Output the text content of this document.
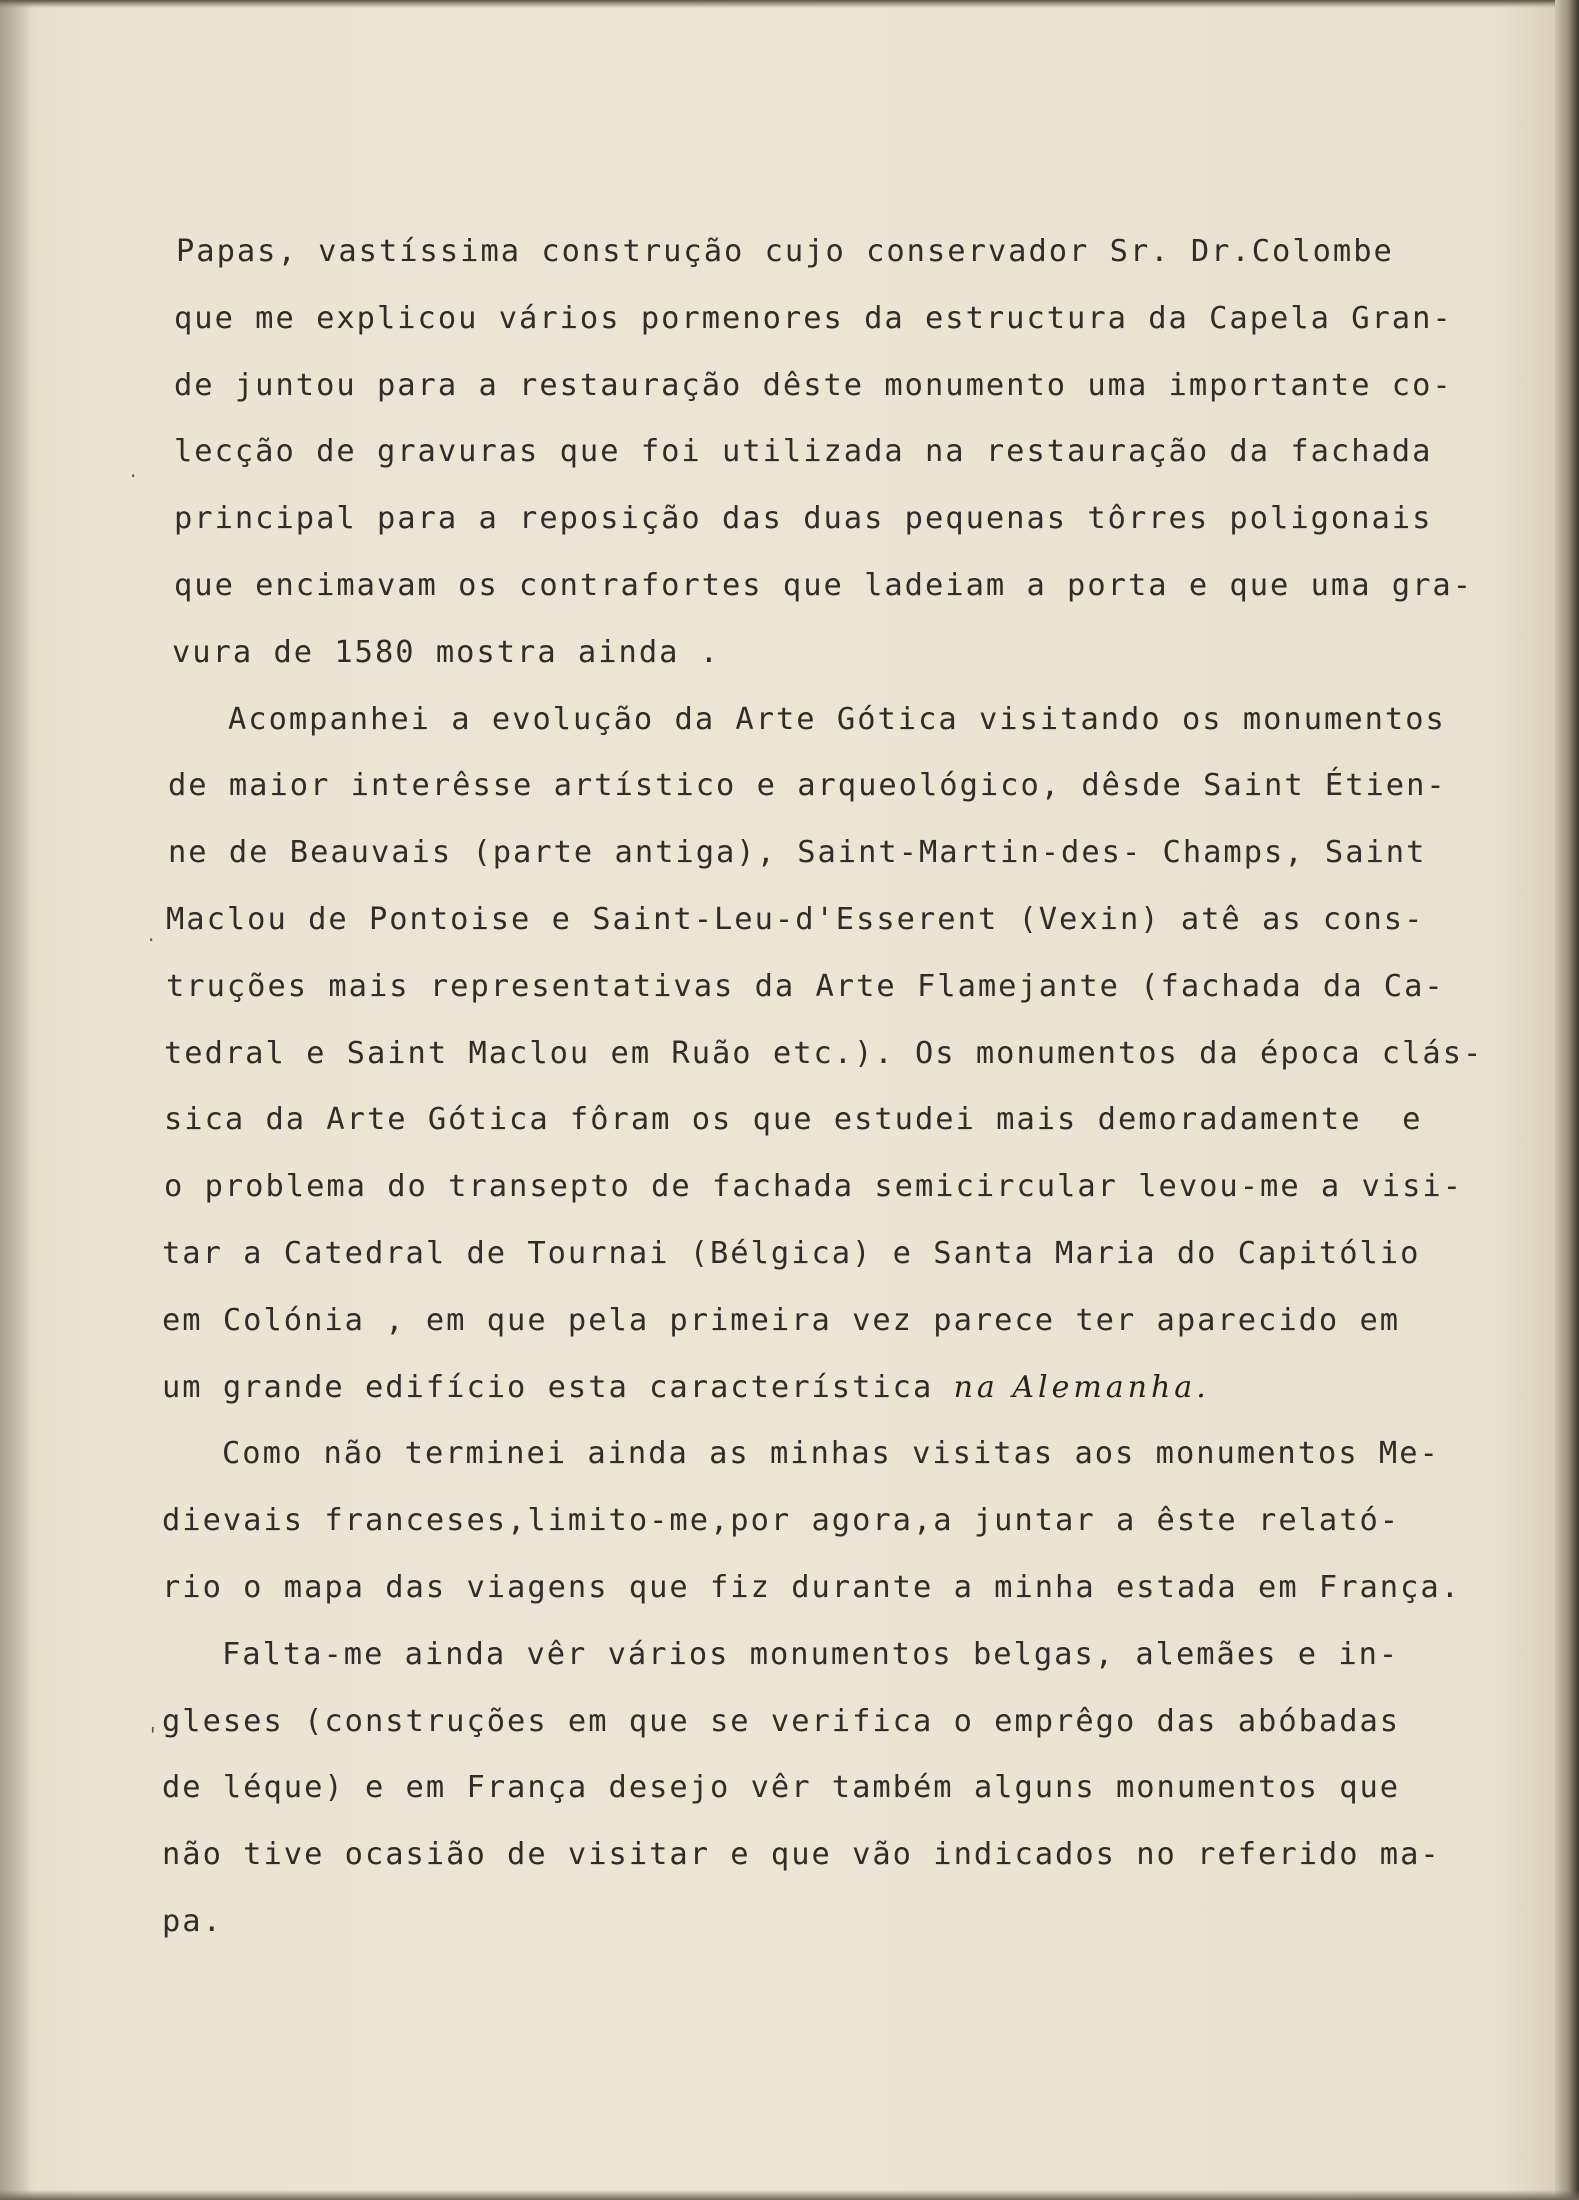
.
.
'
Papas, vastíssima construção cujo conservador Sr. Dr.Colombe
que me explicou vários pormenores da estructura da Capela Gran-
de juntou para a restauração dêste monumento uma importante co-
lecção de gravuras que foi utilizada na restauração da fachada
principal para a reposição das duas pequenas tôrres poligonais
que encimavam os contrafortes que ladeiam a porta e que uma gra-
vura de 1580 mostra ainda .
Acompanhei a evolução da Arte Gótica visitando os monumentos
de maior interêsse artístico e arqueológico, dêsde Saint Étien-
ne de Beauvais (parte antiga), Saint-Martin-des- Champs, Saint
Maclou de Pontoise e Saint-Leu-d'Esserent (Vexin) atê as cons-
truções mais representativas da Arte Flamejante (fachada da Ca-
tedral e Saint Maclou em Ruão etc.). Os monumentos da época clás-
sica da Arte Gótica fôram os que estudei mais demoradamente  e
o problema do transepto de fachada semicircular levou-me a visi-
tar a Catedral de Tournai (Bélgica) e Santa Maria do Capitólio
em Colónia , em que pela primeira vez parece ter aparecido em
um grande edifício esta característica na Alemanha.
Como não terminei ainda as minhas visitas aos monumentos Me-
dievais franceses,limito-me,por agora,a juntar a êste relató-
rio o mapa das viagens que fiz durante a minha estada em França.
Falta-me ainda vêr vários monumentos belgas, alemães e in-
gleses (construções em que se verifica o emprêgo das abóbadas
de léque) e em França desejo vêr também alguns monumentos que
não tive ocasião de visitar e que vão indicados no referido ma-
pa.
